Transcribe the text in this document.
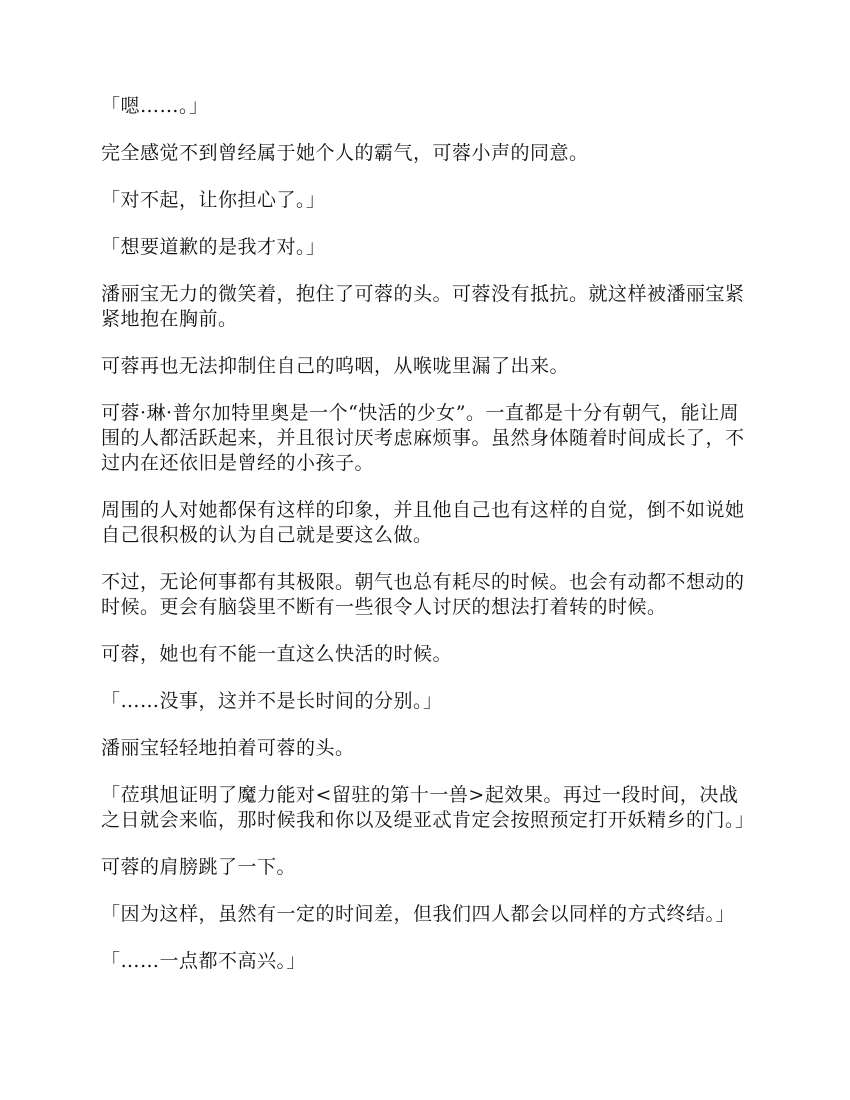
「嗯……。」

完全感觉不到曾经属于她个人的霸气，可蓉小声的同意。

「对不起，让你担心了。」

「想要道歉的是我才对。」

潘丽宝无力的微笑着，抱住了可蓉的头。可蓉没有抵抗。就这样被潘丽宝紧紧地抱在胸前。

可蓉再也无法抑制住自己的呜咽，从喉咙里漏了出来。

可蓉·琳·普尔加特里奥是一个“快活的少女”。一直都是十分有朝气，能让周围的人都活跃起来，并且很讨厌考虑麻烦事。虽然身体随着时间成长了，不过内在还依旧是曾经的小孩子。

周围的人对她都保有这样的印象，并且他自己也有这样的自觉，倒不如说她自己很积极的认为自己就是要这么做。

不过，无论何事都有其极限。朝气也总有耗尽的时候。也会有动都不想动的时候。更会有脑袋里不断有一些很令人讨厌的想法打着转的时候。

可蓉，她也有不能一直这么快活的时候。

「……没事，这并不是长时间的分别。」

潘丽宝轻轻地拍着可蓉的头。

「莅琪旭证明了魔力能对<留驻的第十一兽>起效果。再过一段时间，决战之日就会来临，那时候我和你以及缇亚忒肯定会按照预定打开妖精乡的门。」

可蓉的肩膀跳了一下。

「因为这样，虽然有一定的时间差，但我们四人都会以同样的方式终结。」

「……一点都不高兴。」
